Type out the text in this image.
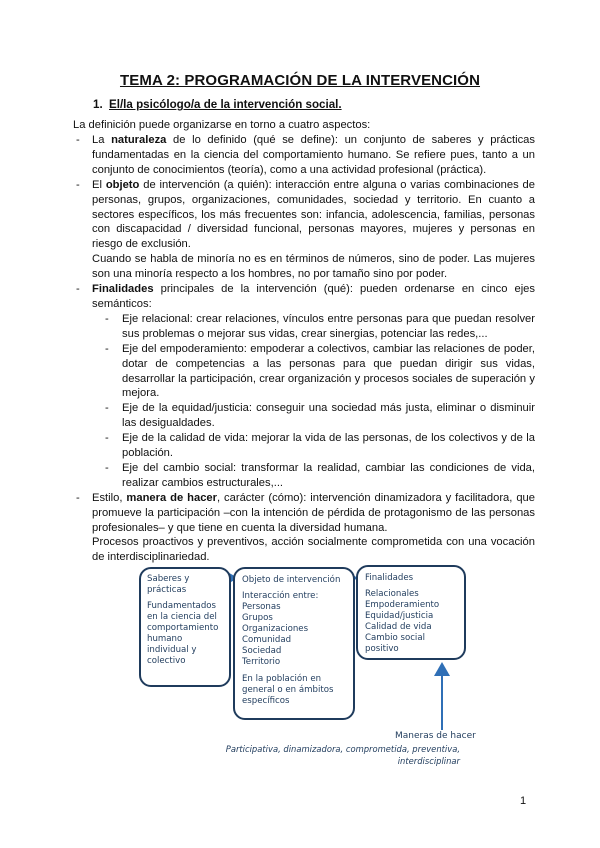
TEMA 2: PROGRAMACIÓN DE LA INTERVENCIÓN
1. El/la psicólogo/a de la intervención social.
La definición puede organizarse en torno a cuatro aspectos:
- La naturaleza de lo definido (qué se define): un conjunto de saberes y prácticas fundamentadas en la ciencia del comportamiento humano. Se refiere pues, tanto a un conjunto de conocimientos (teoría), como a una actividad profesional (práctica).

- El objeto de intervención (a quién): interacción entre alguna o varias combinaciones de personas, grupos, organizaciones, comunidades, sociedad y territorio. En cuanto a sectores específicos, los más frecuentes son: infancia, adolescencia, familias, personas con discapacidad / diversidad funcional, personas mayores, mujeres y personas en riesgo de exclusión.

Cuando se habla de minoría no es en términos de números, sino de poder. Las mujeres son una minoría respecto a los hombres, no por tamaño sino por poder.

- Finalidades principales de la intervención (qué): pueden ordenarse en cinco ejes semánticos:

- Eje relacional: crear relaciones, vínculos entre personas para que puedan resolver sus problemas o mejorar sus vidas, crear sinergias, potenciar las redes,...
- Eje del empoderamiento: empoderar a colectivos, cambiar las relaciones de poder, dotar de competencias a las personas para que puedan dirigir sus vidas, desarrollar la participación, crear organización y procesos sociales de superación y mejora.
- Eje de la equidad/justicia: conseguir una sociedad más justa, eliminar o disminuir las desigualdades.
- Eje de la calidad de vida: mejorar la vida de las personas, de los colectivos y de la población.
- Eje del cambio social: transformar la realidad, cambiar las condiciones de vida, realizar cambios estructurales,...
- Estilo, manera de hacer, carácter (cómo): intervención dinamizadora y facilitadora, que promueve la participación –con la intención de pérdida de protagonismo de las personas profesionales– y que tiene en cuenta la diversidad humana.

Procesos proactivos y preventivos, acción socialmente comprometida con una vocación de interdisciplinariedad.

Saberes y
prácticas
Fundamentados
en la ciencia del
comportamiento
humano
individual y
colectivo
Objeto de intervención
Interacción entre:
Personas
Grupos
Organizaciones
Comunidad
Sociedad
Territorio
En la población en
general o en ámbitos
específicos
Finalidades
Relacionales
Empoderamiento
Equidad/justicia
Calidad de vida
Cambio social positivo
Maneras de hacer
Participativa, dinamizadora, comprometida, preventiva,
interdisciplinar
1
